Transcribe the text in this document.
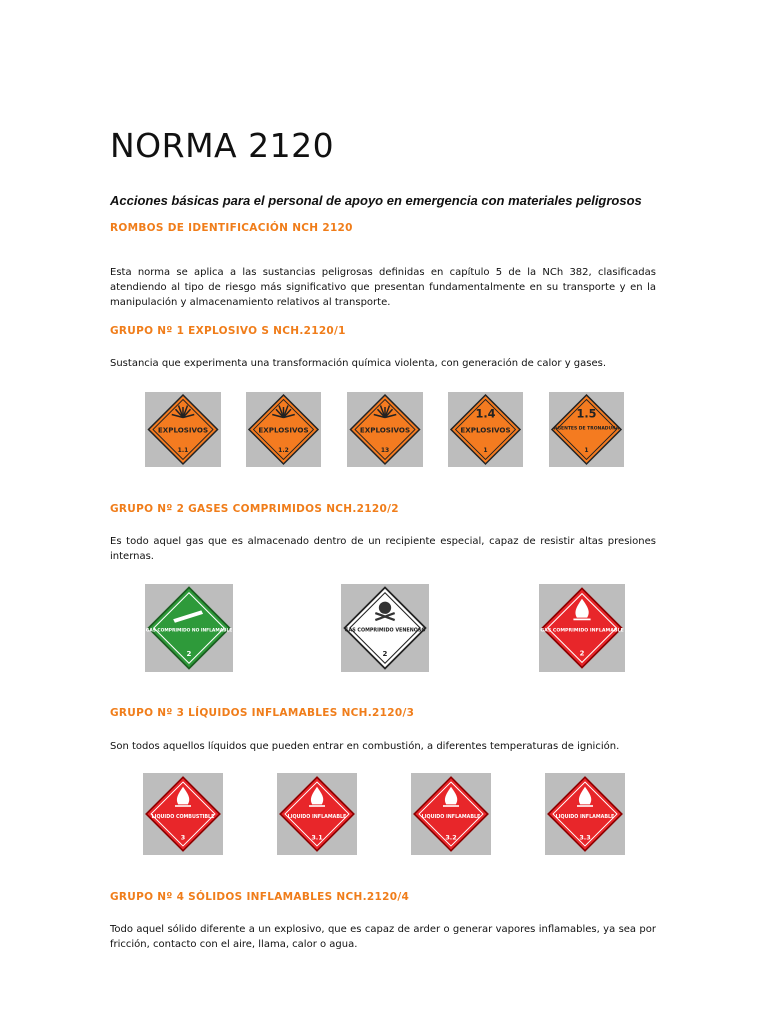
NORMA 2120
Acciones básicas para el personal de apoyo en emergencia con materiales peligrosos
ROMBOS DE IDENTIFICACIÓN NCH 2120
Esta norma se aplica a las sustancias peligrosas definidas en capítulo 5 de la NCh 382, clasificadas atendiendo al tipo de riesgo más significativo que presentan fundamentalmente en su transporte y en la manipulación y almacenamiento relativos al transporte.
GRUPO Nº 1 EXPLOSIVO S NCH.2120/1
Sustancia que experimenta una transformación química violenta, con generación de calor y gases.
EXPLOSIVOS
1.1
EXPLOSIVOS
1.2
EXPLOSIVOS
13
1.4
EXPLOSIVOS
1
1.5
AGENTES DE TRONADURA
1
GRUPO Nº 2 GASES COMPRIMIDOS NCH.2120/2
Es todo aquel gas que es almacenado dentro de un recipiente especial, capaz de resistir altas presiones internas.
GAS COMPRIMIDO NO INFLAMABLE
2
GAS COMPRIMIDO VENENOSO
2
GAS COMPRIMIDO INFLAMABLE
2
GRUPO Nº 3 LÍQUIDOS INFLAMABLES NCH.2120/3
Son todos aquellos líquidos que pueden entrar en combustión, a diferentes temperaturas de ignición.
LIQUIDO COMBUSTIBLE
3
LIQUIDO INFLAMABLE
3.1
LIQUIDO INFLAMABLE
3.2
LIQUIDO INFLAMABLE
3.3
GRUPO Nº 4 SÓLIDOS INFLAMABLES NCH.2120/4
Todo aquel sólido diferente a un explosivo, que es capaz de arder o generar vapores inflamables, ya sea por fricción, contacto con el aire, llama, calor o agua.
